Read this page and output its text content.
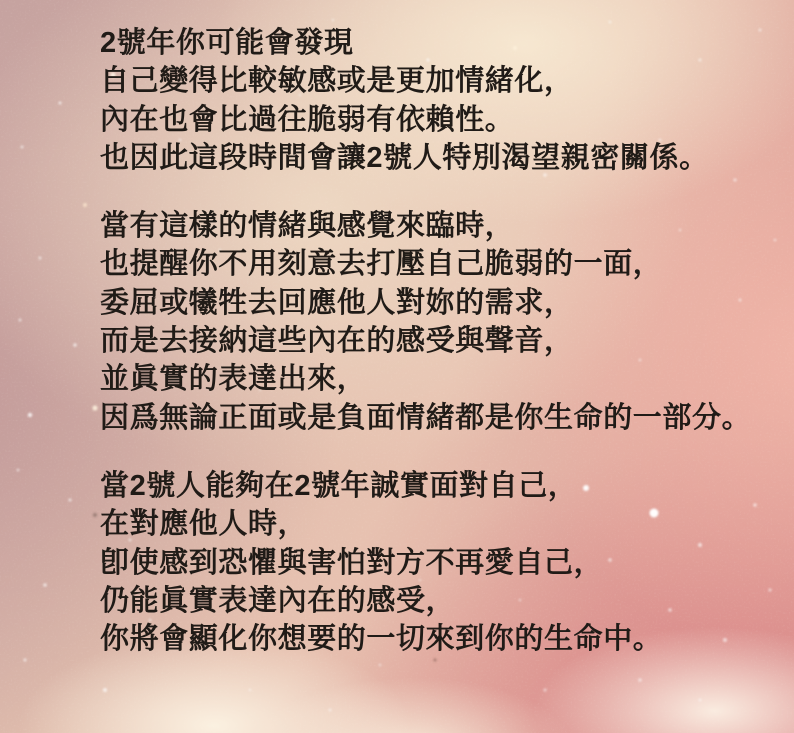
2號年你可能會發現
自己變得比較敏感或是更加情緒化，
內在也會比過往脆弱有依賴性。
也因此這段時間會讓2號人特別渴望親密關係。

當有這樣的情緒與感覺來臨時，
也提醒你不用刻意去打壓自己脆弱的一面，
委屈或犧牲去回應他人對妳的需求，
而是去接納這些內在的感受與聲音，
並眞實的表達出來，
因爲無論正面或是負面情緒都是你生命的一部分。

當2號人能夠在2號年誠實面對自己，
在對應他人時，
卽使感到恐懼與害怕對方不再愛自己，
仍能眞實表達內在的感受，
你將會顯化你想要的一切來到你的生命中。
